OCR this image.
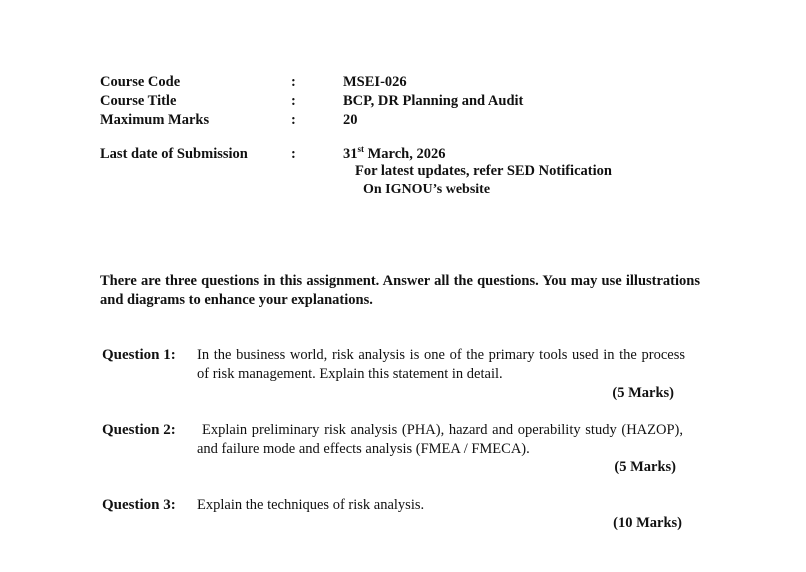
Course Code	:	MSEI-026
Course Title	:	BCP, DR Planning and Audit
Maximum Marks	:	20
Last date of Submission	:	31st March, 2026
For latest updates, refer SED Notification
On IGNOU’s website
There are three questions in this assignment. Answer all the questions. You may use illustrations and diagrams to enhance your explanations.
Question 1: In the business world, risk analysis is one of the primary tools used in the process of risk management. Explain this statement in detail.
(5 Marks)
Question 2:	Explain preliminary risk analysis (PHA), hazard and operability study (HAZOP), and failure mode and effects analysis (FMEA / FMECA).
(5 Marks)
Question 3: Explain the techniques of risk analysis.
(10 Marks)
